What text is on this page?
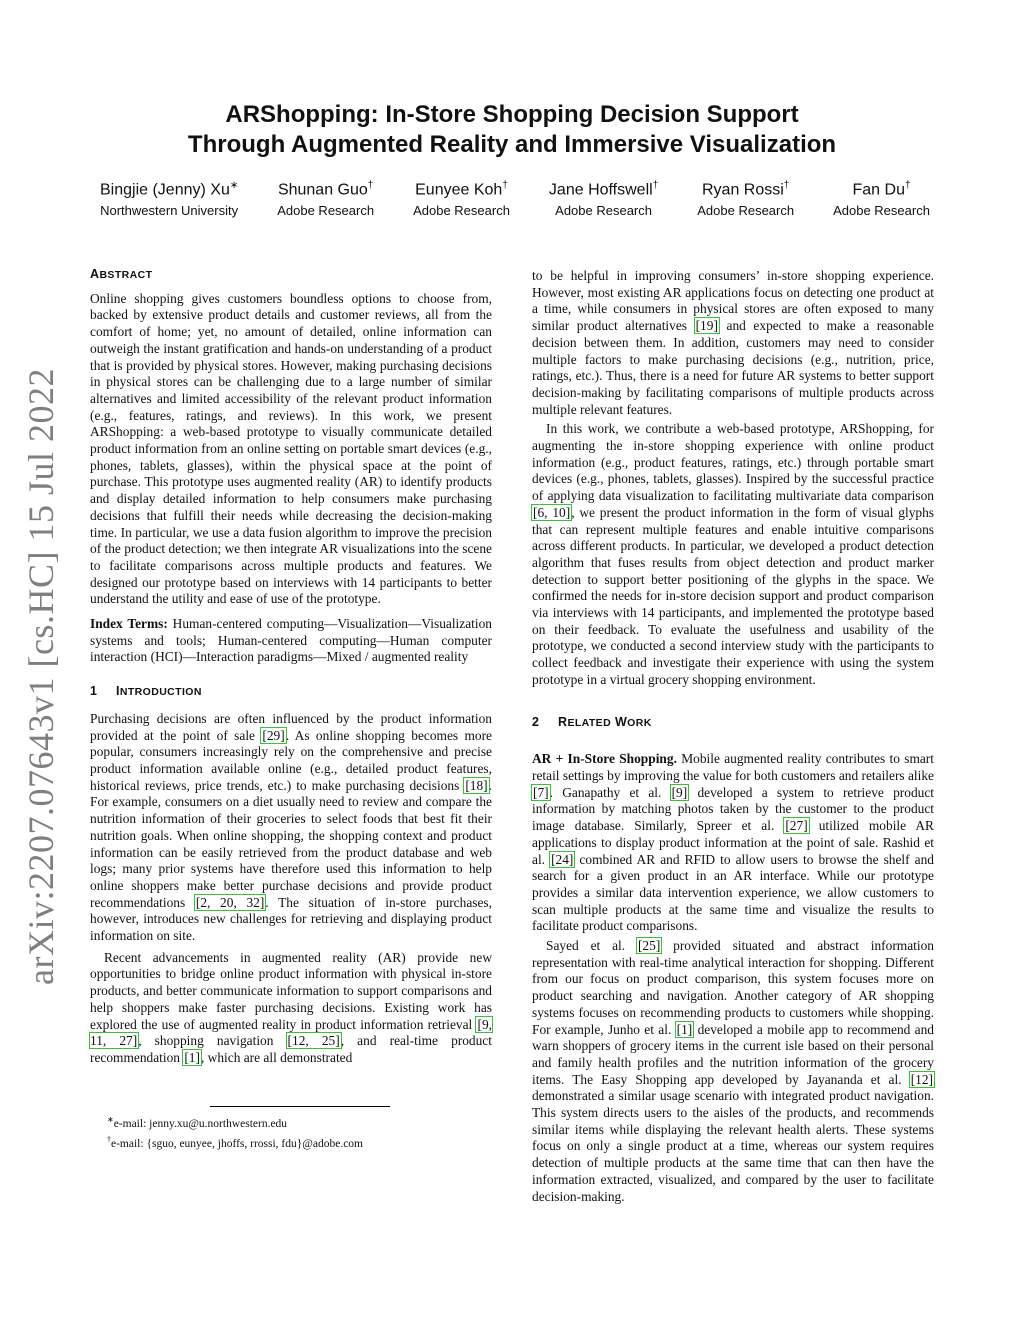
arXiv:2207.07643v1 [cs.HC] 15 Jul 2022
ARShopping: In-Store Shopping Decision Support
Through Augmented Reality and Immersive Visualization
Bingjie (Jenny) Xu∗
Northwestern University
Shunan Guo†
Adobe Research
Eunyee Koh†
Adobe Research
Jane Hoffswell†
Adobe Research
Ryan Rossi†
Adobe Research
Fan Du†
Adobe Research
ABSTRACT

Online shopping gives customers boundless options to choose from, backed by extensive product details and customer reviews, all from the comfort of home; yet, no amount of detailed, online information can outweigh the instant gratification and hands-on understanding of a product that is provided by physical stores. However, making purchasing decisions in physical stores can be challenging due to a large number of similar alternatives and limited accessibility of the relevant product information (e.g., features, ratings, and reviews). In this work, we present ARShopping: a web-based prototype to visually communicate detailed product information from an online setting on portable smart devices (e.g., phones, tablets, glasses), within the physical space at the point of purchase. This prototype uses augmented reality (AR) to identify products and display detailed information to help consumers make purchasing decisions that fulfill their needs while decreasing the decision-making time. In particular, we use a data fusion algorithm to improve the precision of the product detection; we then integrate AR visualizations into the scene to facilitate comparisons across multiple products and features. We designed our prototype based on interviews with 14 participants to better understand the utility and ease of use of the prototype.

Index Terms: Human-centered computing—Visualization—Visualization systems and tools; Human-centered computing—Human computer interaction (HCI)—Interaction paradigms—Mixed / augmented reality

1 INTRODUCTION

Purchasing decisions are often influenced by the product information provided at the point of sale [29]. As online shopping becomes more popular, consumers increasingly rely on the comprehensive and precise product information available online (e.g., detailed product features, historical reviews, price trends, etc.) to make purchasing decisions [18]. For example, consumers on a diet usually need to review and compare the nutrition information of their groceries to select foods that best fit their nutrition goals. When online shopping, the shopping context and product information can be easily retrieved from the product database and web logs; many prior systems have therefore used this information to help online shoppers make better purchase decisions and provide product recommendations [2, 20, 32]. The situation of in-store purchases, however, introduces new challenges for retrieving and displaying product information on site.

Recent advancements in augmented reality (AR) provide new opportunities to bridge online product information with physical in-store products, and better communicate information to support comparisons and help shoppers make faster purchasing decisions. Existing work has explored the use of augmented reality in product information retrieval [9, 11, 27], shopping navigation [12, 25], and real-time product recommendation [1], which are all demonstrated

∗e-mail: jenny.xu@u.northwestern.edu
†e-mail: {sguo, eunyee, jhoffs, rrossi, fdu}@adobe.com

to be helpful in improving consumers’ in-store shopping experience. However, most existing AR applications focus on detecting one product at a time, while consumers in physical stores are often exposed to many similar product alternatives [19] and expected to make a reasonable decision between them. In addition, customers may need to consider multiple factors to make purchasing decisions (e.g., nutrition, price, ratings, etc.). Thus, there is a need for future AR systems to better support decision-making by facilitating comparisons of multiple products across multiple relevant features.

In this work, we contribute a web-based prototype, ARShopping, for augmenting the in-store shopping experience with online product information (e.g., product features, ratings, etc.) through portable smart devices (e.g., phones, tablets, glasses). Inspired by the successful practice of applying data visualization to facilitating multivariate data comparison [6, 10], we present the product information in the form of visual glyphs that can represent multiple features and enable intuitive comparisons across different products. In particular, we developed a product detection algorithm that fuses results from object detection and product marker detection to support better positioning of the glyphs in the space. We confirmed the needs for in-store decision support and product comparison via interviews with 14 participants, and implemented the prototype based on their feedback. To evaluate the usefulness and usability of the prototype, we conducted a second interview study with the participants to collect feedback and investigate their experience with using the system prototype in a virtual grocery shopping environment.

2 RELATED WORK

AR + In-Store Shopping. Mobile augmented reality contributes to smart retail settings by improving the value for both customers and retailers alike [7]. Ganapathy et al. [9] developed a system to retrieve product information by matching photos taken by the customer to the product image database. Similarly, Spreer et al. [27] utilized mobile AR applications to display product information at the point of sale. Rashid et al. [24] combined AR and RFID to allow users to browse the shelf and search for a given product in an AR interface. While our prototype provides a similar data intervention experience, we allow customers to scan multiple products at the same time and visualize the results to facilitate product comparisons.

Sayed et al. [25] provided situated and abstract information representation with real-time analytical interaction for shopping. Different from our focus on product comparison, this system focuses more on product searching and navigation. Another category of AR shopping systems focuses on recommending products to customers while shopping. For example, Junho et al. [1] developed a mobile app to recommend and warn shoppers of grocery items in the current isle based on their personal and family health profiles and the nutrition information of the grocery items. The Easy Shopping app developed by Jayananda et al. [12] demonstrated a similar usage scenario with integrated product navigation. This system directs users to the aisles of the products, and recommends similar items while displaying the relevant health alerts. These systems focus on only a single product at a time, whereas our system requires detection of multiple products at the same time that can then have the information extracted, visualized, and compared by the user to facilitate decision-making.
